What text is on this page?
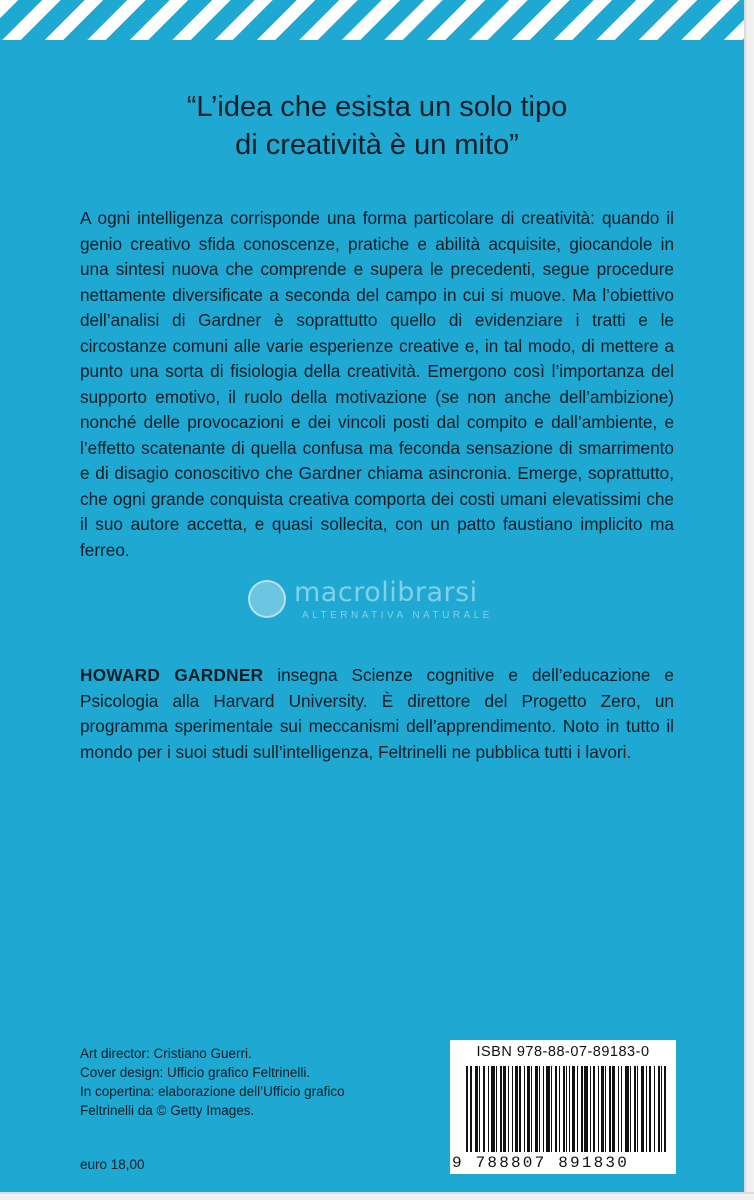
“L’idea che esista un solo tipo
di creatività è un mito”
A ogni intelligenza corrisponde una forma particolare di creatività: quando il genio creativo sfida conoscenze, pratiche e abilità acquisite, giocandole in una sintesi nuova che comprende e supera le precedenti, segue procedure nettamente diversificate a seconda del campo in cui si muove. Ma l’obiettivo dell’analisi di Gardner è soprattutto quello di evidenziare i tratti e le circostanze comuni alle varie esperienze creative e, in tal modo, di mettere a punto una sorta di fisiologia della creatività. Emergono così l’importanza del supporto emotivo, il ruolo della motivazione (se non anche dell’ambizione) nonché delle provocazioni e dei vincoli posti dal compito e dall’ambiente, e l’effetto scatenante di quella confusa ma feconda sensazione di smarrimento e di disagio conoscitivo che Gardner chiama asincronia. Emerge, soprattutto, che ogni grande conquista creativa comporta dei costi umani elevatissimi che il suo autore accetta, e quasi sollecita, con un patto faustiano implicito ma ferreo.
HOWARD GARDNER insegna Scienze cognitive e dell’educazione e Psicologia alla Harvard University. È direttore del Progetto Zero, un programma sperimentale sui meccanismi dell’apprendimento. Noto in tutto il mondo per i suoi studi sull’intelligenza, Feltrinelli ne pubblica tutti i lavori.
macrolibrarsi
ALTERNATIVA NATURALE
Art director: Cristiano Guerri.
Cover design: Ufficio grafico Feltrinelli.
In copertina: elaborazione dell’Ufficio grafico
Feltrinelli da © Getty Images.
euro 18,00
ISBN 978-88-07-89183-0
9 788807 891830
